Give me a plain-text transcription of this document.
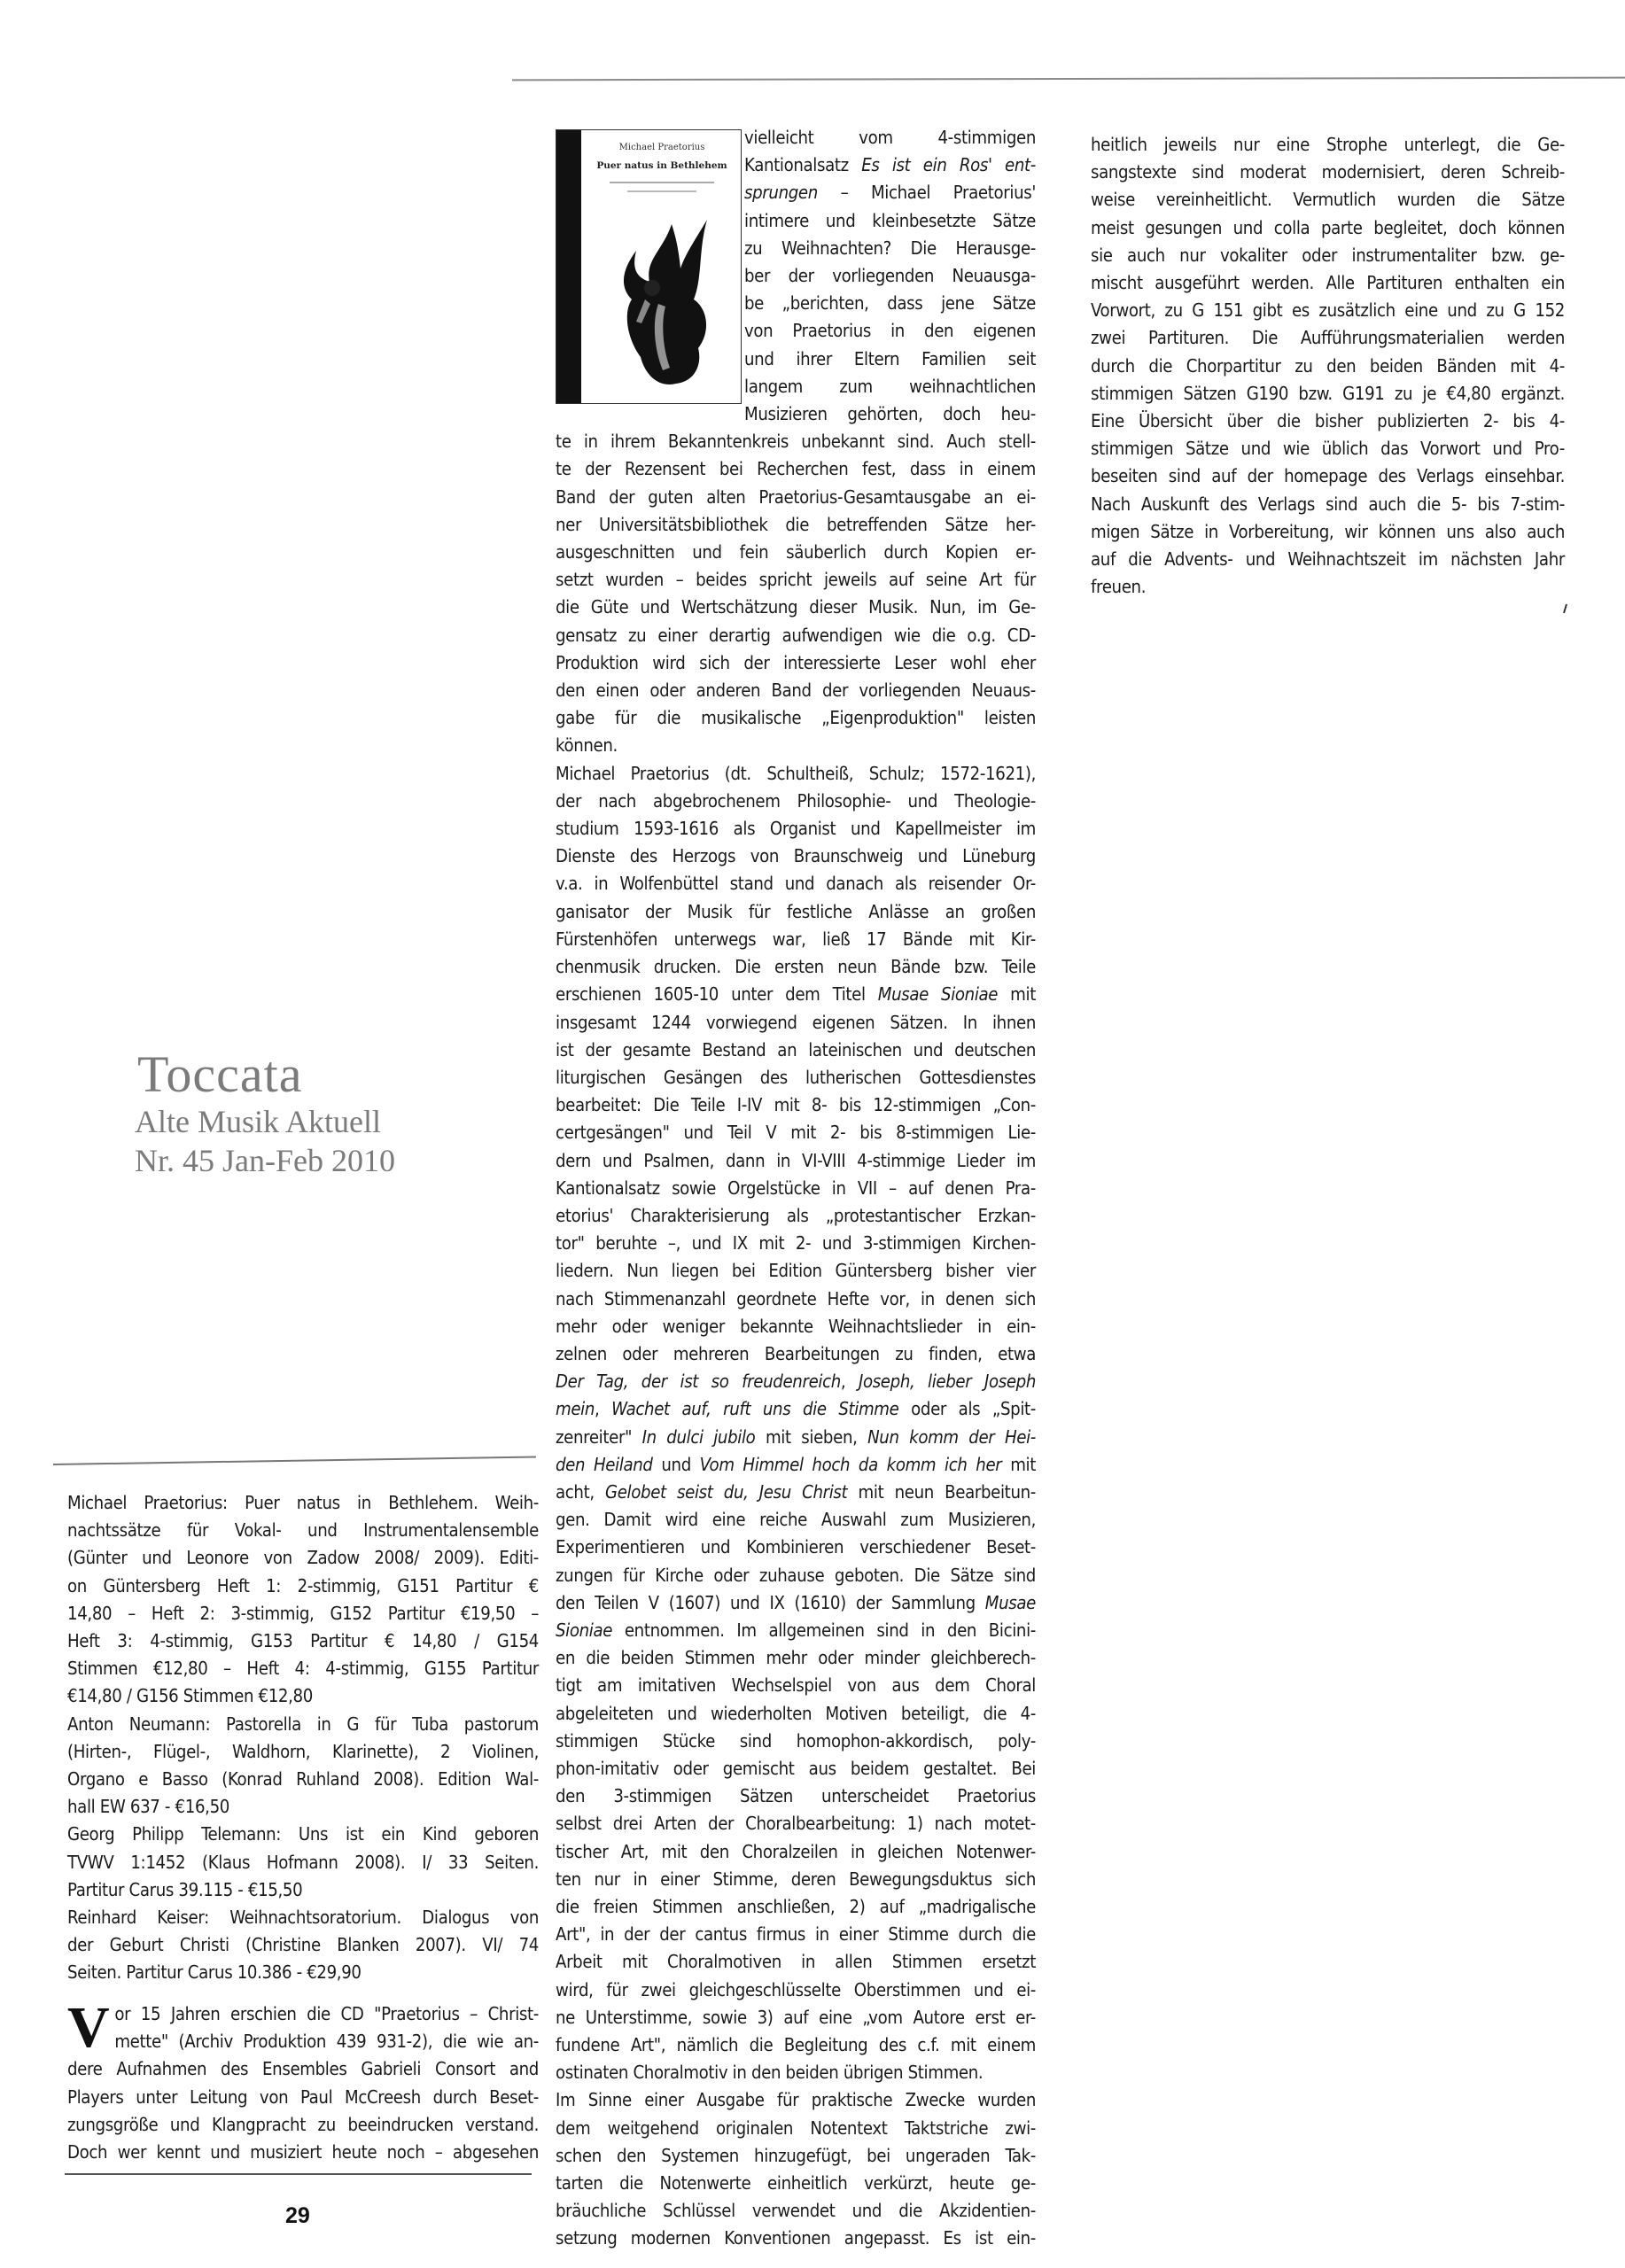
Michael Praetorius
Puer natus in Bethlehem
vielleicht vom 4-stimmigen
Kantionalsatz Es ist ein Ros' ent-
sprungen – Michael Praetorius'
intimere und kleinbesetzte Sätze
zu Weihnachten? Die Herausge-
ber der vorliegenden Neuausga-
be „berichten, dass jene Sätze
von Praetorius in den eigenen
und ihrer Eltern Familien seit
langem zum weihnachtlichen
Musizieren gehörten, doch heu-
te in ihrem Bekanntenkreis unbekannt sind. Auch stell-
te der Rezensent bei Recherchen fest, dass in einem
Band der guten alten Praetorius-Gesamtausgabe an ei-
ner Universitätsbibliothek die betreffenden Sätze her-
ausgeschnitten und fein säuberlich durch Kopien er-
setzt wurden – beides spricht jeweils auf seine Art für
die Güte und Wertschätzung dieser Musik. Nun, im Ge-
gensatz zu einer derartig aufwendigen wie die o.g. CD-
Produktion wird sich der interessierte Leser wohl eher
den einen oder anderen Band der vorliegenden Neuaus-
gabe für die musikalische „Eigenproduktion" leisten
können.
Michael Praetorius (dt. Schultheiß, Schulz; 1572-1621),
der nach abgebrochenem Philosophie- und Theologie-
studium 1593-1616 als Organist und Kapellmeister im
Dienste des Herzogs von Braunschweig und Lüneburg
v.a. in Wolfenbüttel stand und danach als reisender Or-
ganisator der Musik für festliche Anlässe an großen
Fürstenhöfen unterwegs war, ließ 17 Bände mit Kir-
chenmusik drucken. Die ersten neun Bände bzw. Teile
erschienen 1605-10 unter dem Titel Musae Sioniae mit
insgesamt 1244 vorwiegend eigenen Sätzen. In ihnen
ist der gesamte Bestand an lateinischen und deutschen
liturgischen Gesängen des lutherischen Gottesdienstes
bearbeitet: Die Teile I-IV mit 8- bis 12-stimmigen „Con-
certgesängen" und Teil V mit 2- bis 8-stimmigen Lie-
dern und Psalmen, dann in VI-VIII 4-stimmige Lieder im
Kantionalsatz sowie Orgelstücke in VII – auf denen Pra-
etorius' Charakterisierung als „protestantischer Erzkan-
tor" beruhte –, und IX mit 2- und 3-stimmigen Kirchen-
liedern. Nun liegen bei Edition Güntersberg bisher vier
nach Stimmenanzahl geordnete Hefte vor, in denen sich
mehr oder weniger bekannte Weihnachtslieder in ein-
zelnen oder mehreren Bearbeitungen zu finden, etwa
Der Tag, der ist so freudenreich, Joseph, lieber Joseph
mein, Wachet auf, ruft uns die Stimme oder als „Spit-
zenreiter" In dulci jubilo mit sieben, Nun komm der Hei-
den Heiland und Vom Himmel hoch da komm ich her mit
acht, Gelobet seist du, Jesu Christ mit neun Bearbeitun-
gen. Damit wird eine reiche Auswahl zum Musizieren,
Experimentieren und Kombinieren verschiedener Beset-
zungen für Kirche oder zuhause geboten. Die Sätze sind
den Teilen V (1607) und IX (1610) der Sammlung Musae
Sioniae entnommen. Im allgemeinen sind in den Bicini-
en die beiden Stimmen mehr oder minder gleichberech-
tigt am imitativen Wechselspiel von aus dem Choral
abgeleiteten und wiederholten Motiven beteiligt, die 4-
stimmigen Stücke sind homophon-akkordisch, poly-
phon-imitativ oder gemischt aus beidem gestaltet. Bei
den 3-stimmigen Sätzen unterscheidet Praetorius
selbst drei Arten der Choralbearbeitung: 1) nach motet-
tischer Art, mit den Choralzeilen in gleichen Notenwer-
ten nur in einer Stimme, deren Bewegungsduktus sich
die freien Stimmen anschließen, 2) auf „madrigalische
Art", in der der cantus firmus in einer Stimme durch die
Arbeit mit Choralmotiven in allen Stimmen ersetzt
wird, für zwei gleichgeschlüsselte Oberstimmen und ei-
ne Unterstimme, sowie 3) auf eine „vom Autore erst er-
fundene Art", nämlich die Begleitung des c.f. mit einem
ostinaten Choralmotiv in den beiden übrigen Stimmen.
Im Sinne einer Ausgabe für praktische Zwecke wurden
dem weitgehend originalen Notentext Taktstriche zwi-
schen den Systemen hinzugefügt, bei ungeraden Tak-
tarten die Notenwerte einheitlich verkürzt, heute ge-
bräuchliche Schlüssel verwendet und die Akzidentien-
setzung modernen Konventionen angepasst. Es ist ein-
heitlich jeweils nur eine Strophe unterlegt, die Ge-
sangstexte sind moderat modernisiert, deren Schreib-
weise vereinheitlicht. Vermutlich wurden die Sätze
meist gesungen und colla parte begleitet, doch können
sie auch nur vokaliter oder instrumentaliter bzw. ge-
mischt ausgeführt werden. Alle Partituren enthalten ein
Vorwort, zu G 151 gibt es zusätzlich eine und zu G 152
zwei Partituren. Die Aufführungsmaterialien werden
durch die Chorpartitur zu den beiden Bänden mit 4-
stimmigen Sätzen G190 bzw. G191 zu je €4,80 ergänzt.
Eine Übersicht über die bisher publizierten 2- bis 4-
stimmigen Sätze und wie üblich das Vorwort und Pro-
beseiten sind auf der homepage des Verlags einsehbar.
Nach Auskunft des Verlags sind auch die 5- bis 7-stim-
migen Sätze in Vorbereitung, wir können uns also auch
auf die Advents- und Weihnachtszeit im nächsten Jahr
freuen.
Toccata
Alte Musik Aktuell
Nr. 45 Jan-Feb 2010

Michael Praetorius: Puer natus in Bethlehem. Weih-
nachtssätze für Vokal- und Instrumentalensemble
(Günter und Leonore von Zadow 2008/ 2009). Editi-
on Güntersberg Heft 1: 2-stimmig, G151 Partitur €
14,80 – Heft 2: 3-stimmig, G152 Partitur €19,50 –
Heft 3: 4-stimmig, G153 Partitur € 14,80 / G154
Stimmen €12,80 – Heft 4: 4-stimmig, G155 Partitur
€14,80 / G156 Stimmen €12,80

Anton Neumann: Pastorella in G für Tuba pastorum
(Hirten-, Flügel-, Waldhorn, Klarinette), 2 Violinen,
Organo e Basso (Konrad Ruhland 2008). Edition Wal-
hall EW 637 - €16,50

Georg Philipp Telemann: Uns ist ein Kind geboren
TVWV 1:1452 (Klaus Hofmann 2008). I/ 33 Seiten.
Partitur Carus 39.115 - €15,50

Reinhard Keiser: Weihnachtsoratorium. Dialogus von
der Geburt Christi (Christine Blanken 2007). VI/ 74
Seiten. Partitur Carus 10.386 - €29,90

V or 15 Jahren erschien die CD "Praetorius – Christ-
mette" (Archiv Produktion 439 931-2), die wie an-
dere Aufnahmen des Ensembles Gabrieli Consort and
Players unter Leitung von Paul McCreesh durch Beset-
zungsgröße und Klangpracht zu beeindrucken verstand.
Doch wer kennt und musiziert heute noch – abgesehen
29
